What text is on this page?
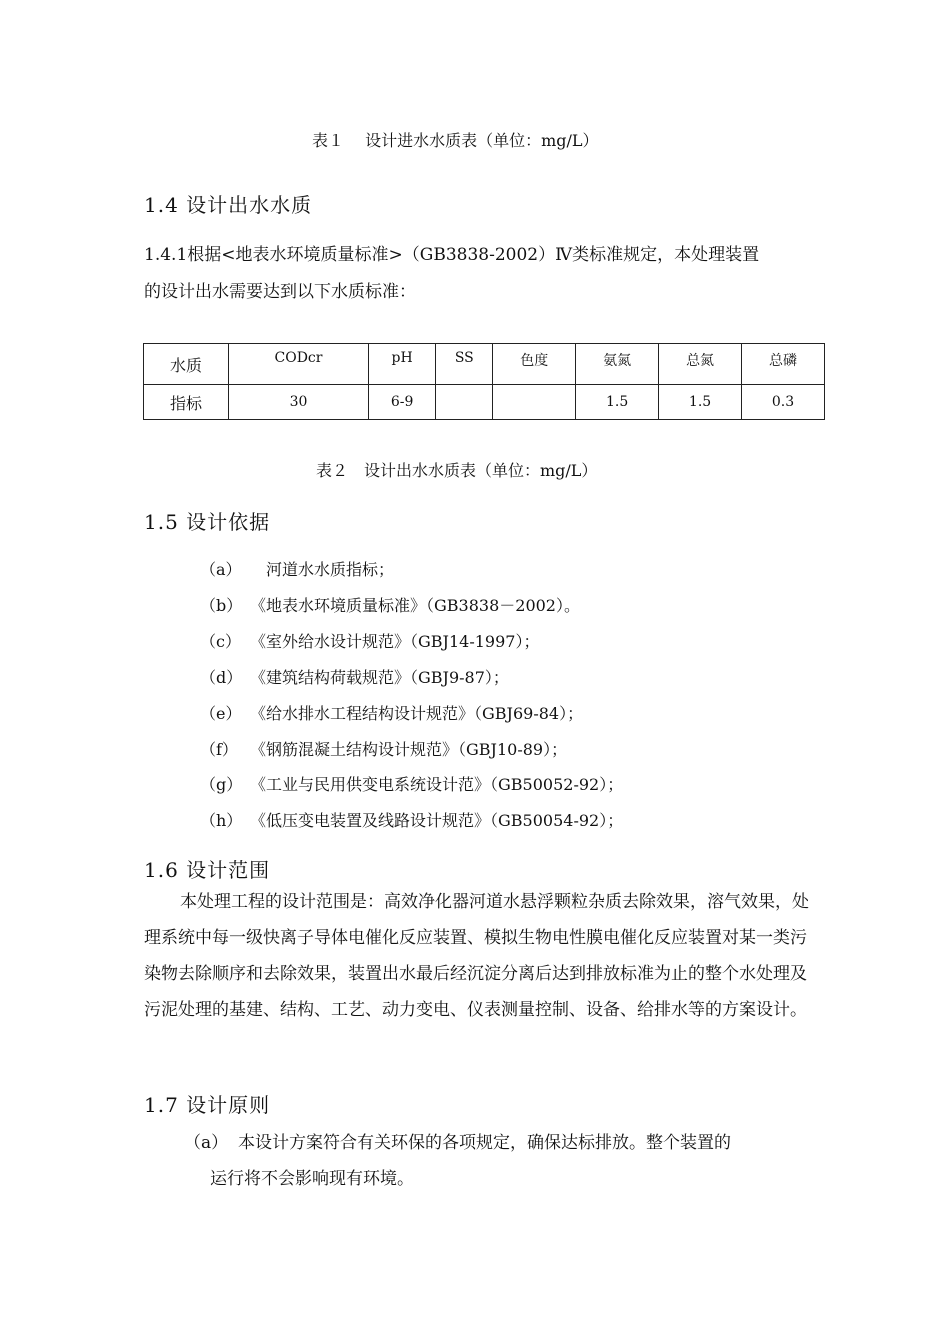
表１　 设计进水水质表（单位：mg/L）
1.4 设计出水水质
1.4.1根据<地表水环境质量标准>（GB3838-2002）Ⅳ类标准规定，本处理装置
的设计出水需要达到以下水质标准：
水质	CODcr	pH	SS	色度	氨氮	总氮	总磷
指标	30	6-9			1.5	1.5	0.3
表２　设计出水水质表（单位：mg/L）
1.5 设计依据
（a）　河道水水质指标；
（b） 《地表水环境质量标准》（GB3838－2002）。
（c） 《室外给水设计规范》（GBJ14-1997）；
（d） 《建筑结构荷载规范》（GBJ9-87）；
（e） 《给水排水工程结构设计规范》（GBJ69-84）；
（f） 《钢筋混凝土结构设计规范》（GBJ10-89）；
（g） 《工业与民用供变电系统设计范》（GB50052-92）；
（h） 《低压变电装置及线路设计规范》（GB50054-92）；
1.6 设计范围
本处理工程的设计范围是：高效净化器河道水悬浮颗粒杂质去除效果，溶气效果，处理系统中每一级快离子导体电催化反应装置、模拟生物电性膜电催化反应装置对某一类污染物去除顺序和去除效果，装置出水最后经沉淀分离后达到排放标准为止的整个水处理及污泥处理的基建、结构、工艺、动力变电、仪表测量控制、设备、给排水等的方案设计。
1.7 设计原则
（a） 本设计方案符合有关环保的各项规定，确保达标排放。整个装置的
运行将不会影响现有环境。
